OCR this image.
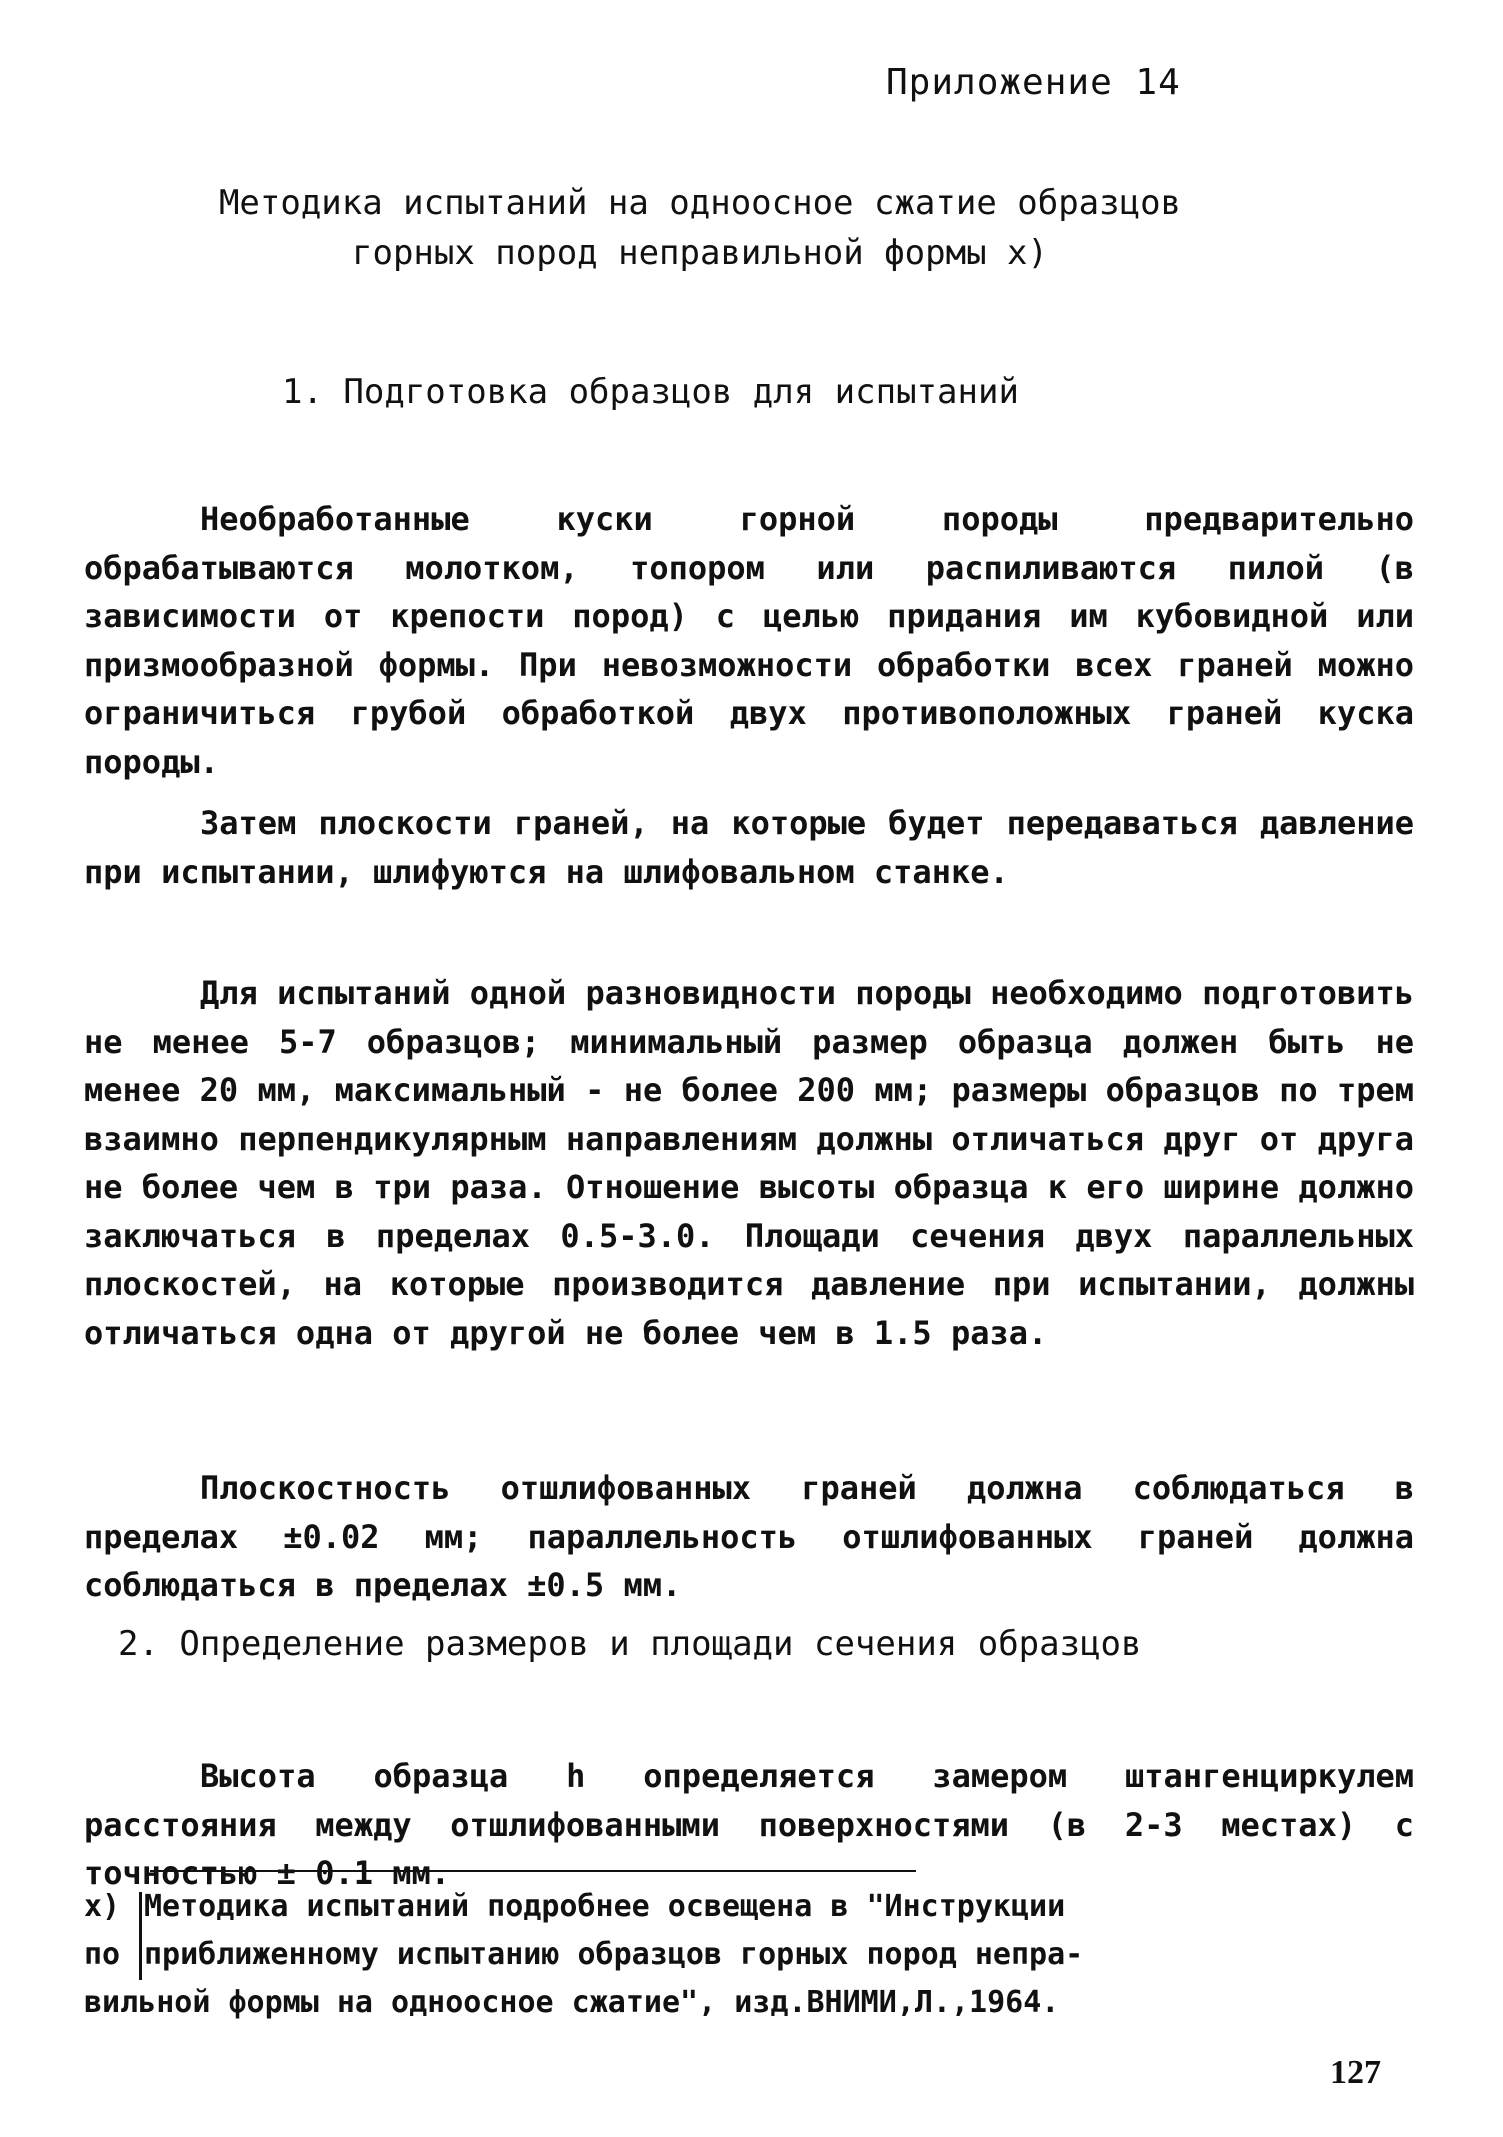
Приложение 14
Методика испытаний на одноосное сжатие образцов
горных пород неправильной формы х)
1. Подготовка образцов для испытаний

Необработанные куски горной породы предварительно обрабатываются молотком, топором или распиливаются пилой (в зависимости от крепости пород) с целью придания им кубовидной или призмообразной формы. При невозможности обработки всех граней можно ограничиться грубой обработкой двух противоположных граней куска породы.

Затем плоскости граней, на которые будет передаваться давление при испытании, шлифуются на шлифовальном станке.

Для испытаний одной разновидности породы необходимо подготовить не менее 5-7 образцов; минимальный размер образца должен быть не менее 20 мм, максимальный - не более 200 мм; размеры образцов по трем взаимно перпендикулярным направлениям должны отличаться друг от друга не более чем в три раза. Отношение высоты образца к его ширине должно заключаться в пределах 0.5-3.0. Площади сечения двух параллельных плоскостей, на которые производится давление при испытании, должны отличаться одна от другой не более чем в 1.5 раза.

Плоскостность отшлифованных граней должна соблюдаться в пределах ±0.02 мм; параллельность отшлифованных граней должна соблюдаться в пределах ±0.5 мм.

2. Определение размеров и площади сечения образцов

Высота образца h определяется замером штангенциркулем расстояния между отшлифованными поверхностями (в 2-3 местах) с точностью ± 0.1 мм.

х) Методика испытаний подробнее освещена в "Инструкции
по приближенному испытанию образцов горных пород непра-
вильной формы на одноосное сжатие", изд.ВНИМИ,Л.,1964.
127
